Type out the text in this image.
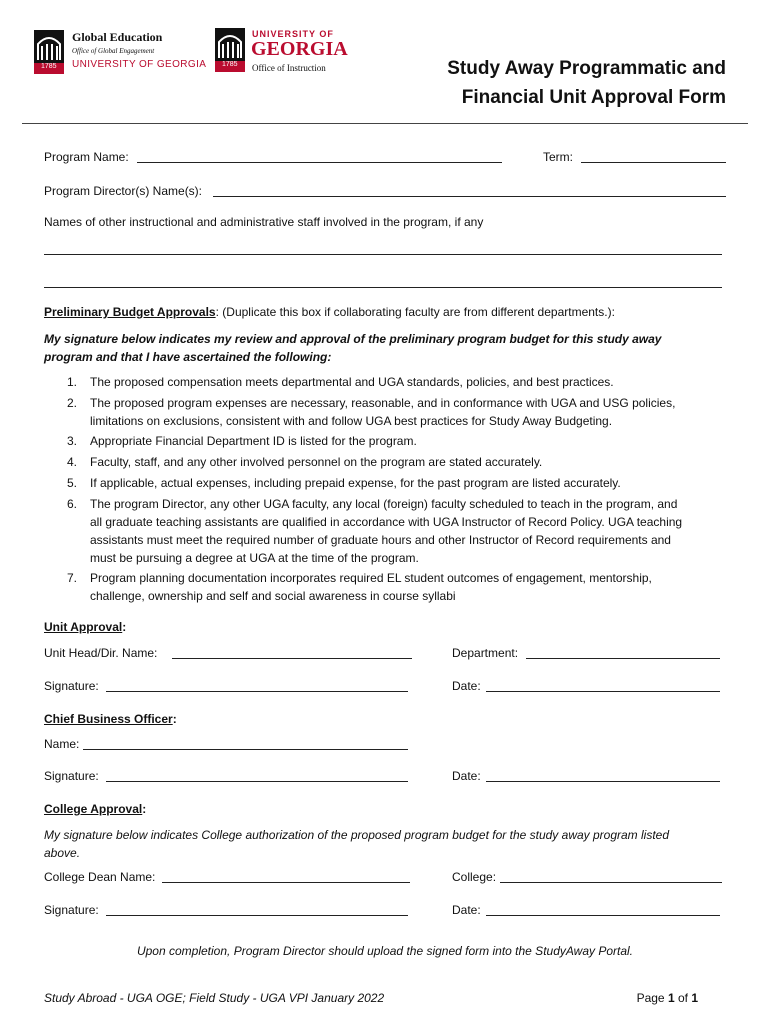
1785
Global Education
Office of Global Engagement
UNIVERSITY OF GEORGIA 1785
UNIVERSITY OF
GEORGIA
Office of Instruction	Study Away Programmatic and
Financial Unit Approval Form
Program Name:	Term:
Program Director(s) Name(s):
Names of other instructional and administrative staff involved in the program, if any
Preliminary Budget Approvals: (Duplicate this box if collaborating faculty are from different departments.):
My signature below indicates my review and approval of the preliminary program budget for this study away
program and that I have ascertained the following:
1. The proposed compensation meets departmental and UGA standards, policies, and best practices.
2. The proposed program expenses are necessary, reasonable, and in conformance with UGA and USG policies,
limitations on exclusions, consistent with and follow UGA best practices for Study Away Budgeting.
3. Appropriate Financial Department ID is listed for the program.
4. Faculty, staff, and any other involved personnel on the program are stated accurately.
5. If applicable, actual expenses, including prepaid expense, for the past program are listed accurately.
6. The program Director, any other UGA faculty, any local (foreign) faculty scheduled to teach in the program, and
all graduate teaching assistants are qualified in accordance with UGA Instructor of Record Policy. UGA teaching
assistants must meet the required number of graduate hours and other Instructor of Record requirements and
must be pursuing a degree at UGA at the time of the program.
7. Program planning documentation incorporates required EL student outcomes of engagement, mentorship,
challenge, ownership and self and social awareness in course syllabi
Unit Approval:
Unit Head/Dir. Name:	Department:
Signature:	Date:
Chief Business Officer:
Name:
Signature:	Date:
College Approval:
My signature below indicates College authorization of the proposed program budget for the study away program listed
above.
College Dean Name:	College:
Signature:	Date:
Upon completion, Program Director should upload the signed form into the StudyAway Portal.
Study Abroad - UGA OGE; Field Study - UGA VPI January 2022	Page 1 of 1
